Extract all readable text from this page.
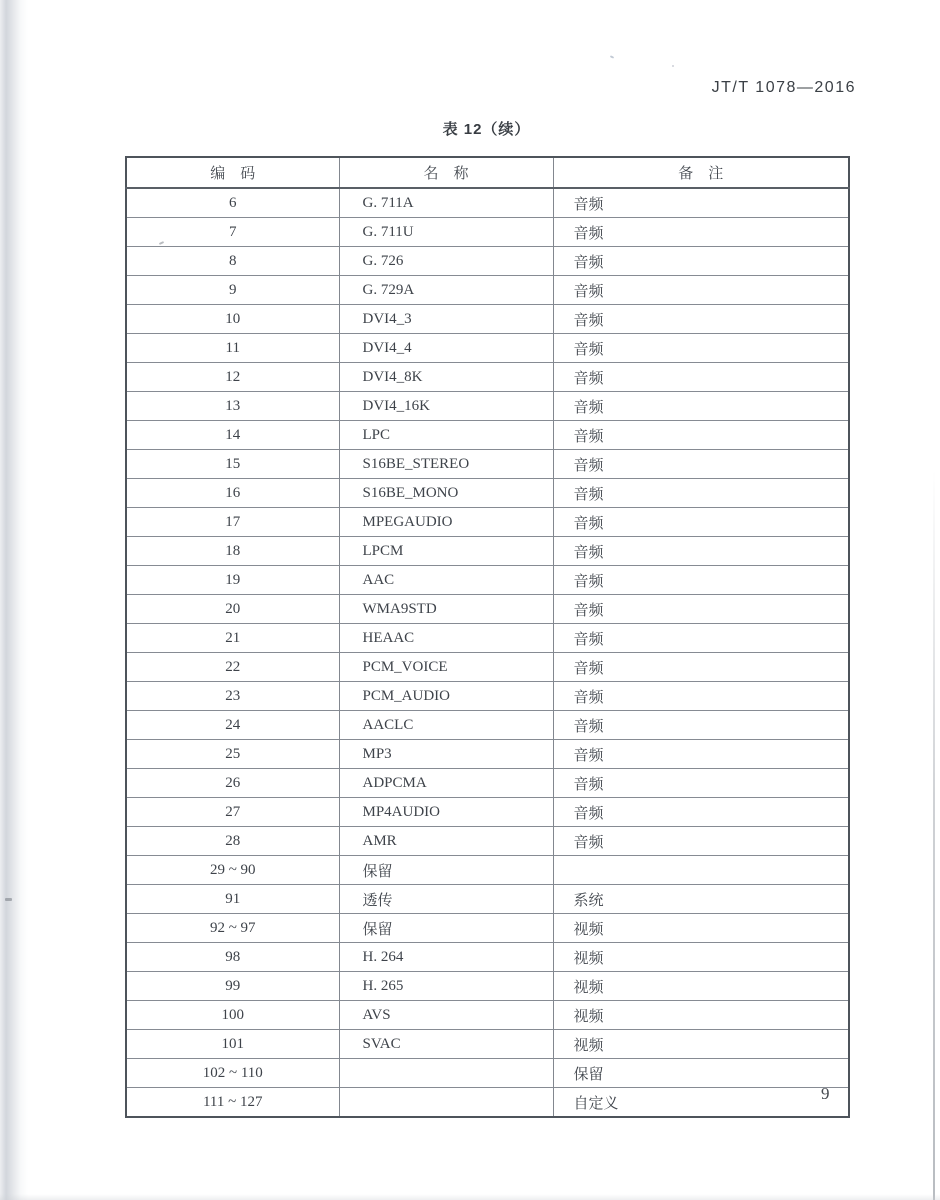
JT/T 1078—2016
表 12（续）
编　码	名　称	备　注
6	G. 711A	音频
7	G. 711U	音频
8	G. 726	音频
9	G. 729A	音频
10	DVI4_3	音频
11	DVI4_4	音频
12	DVI4_8K	音频
13	DVI4_16K	音频
14	LPC	音频
15	S16BE_STEREO	音频
16	S16BE_MONO	音频
17	MPEGAUDIO	音频
18	LPCM	音频
19	AAC	音频
20	WMA9STD	音频
21	HEAAC	音频
22	PCM_VOICE	音频
23	PCM_AUDIO	音频
24	AACLC	音频
25	MP3	音频
26	ADPCMA	音频
27	MP4AUDIO	音频
28	AMR	音频
29 ~ 90	保留	
91	透传	系统
92 ~ 97	保留	视频
98	H. 264	视频
99	H. 265	视频
100	AVS	视频
101	SVAC	视频
102 ~ 110		保留
111 ~ 127		自定义
9
